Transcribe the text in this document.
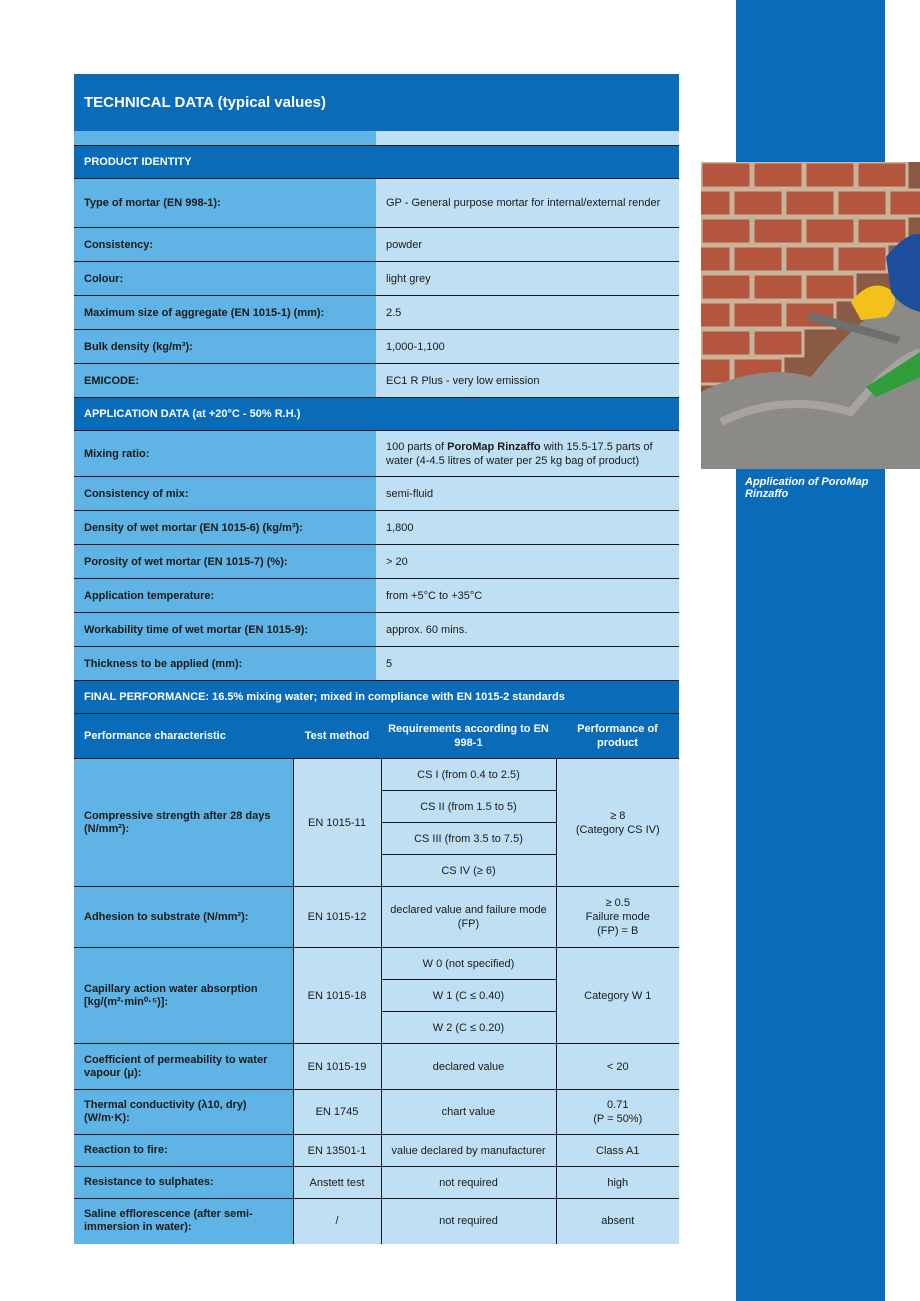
Application of PoroMap Rinzaffo
TECHNICAL DATA (typical values)
PRODUCT IDENTITY
Type of mortar (EN 998-1):	GP - General purpose mortar for internal/external render
Consistency:	powder
Colour:	light grey
Maximum size of aggregate (EN 1015-1) (mm):	2.5
Bulk density (kg/m³):	1,000-1,100
EMICODE:	EC1 R Plus - very low emission
APPLICATION DATA (at +20°C - 50% R.H.)
Mixing ratio:
100 parts of PoroMap Rinzaffo with 15.5-17.5 parts of water (4-4.5 litres of water per 25 kg bag of product)
Consistency of mix:	semi-fluid
Density of wet mortar (EN 1015-6) (kg/m³):	1,800
Porosity of wet mortar (EN 1015-7) (%):	> 20
Application temperature:	from +5°C to +35°C
Workability time of wet mortar (EN 1015-9):	approx. 60 mins.
Thickness to be applied (mm):	5
FINAL PERFORMANCE: 16.5% mixing water; mixed in compliance with EN 1015-2 standards
Performance characteristic	Test method	Requirements according to EN 998-1	Performance of product
Compressive strength after 28 days (N/mm²):	EN 1015-11	CS I (from 0.4 to 2.5)	≥ 8
(Category CS IV)

		CS II (from 1.5 to 5)	
		CS III (from 3.5 to 7.5)	
		CS IV (≥ 6)	
Adhesion to substrate (N/mm²):	EN 1015-12	declared value and failure mode (FP)	≥ 0.5
Failure mode
(FP) = B

Capillary action water absorption
[kg/(m²·min⁰·⁵)]:	EN 1015-18	W 0 (not specified)	Category W 1
		W 1 (C ≤ 0.40)	
		W 2 (C ≤ 0.20)	
Coefficient of permeability to water vapour (μ):	EN 1015-19	declared value	< 20
Thermal conductivity (λ10, dry) (W/m·K):	EN 1745	chart value	0.71
(P = 50%)

Reaction to fire:	EN 13501-1	value declared by manufacturer	Class A1
Resistance to sulphates:	Anstett test	not required	high
Saline efflorescence (after semi-immersion in water):	/	not required	absent
